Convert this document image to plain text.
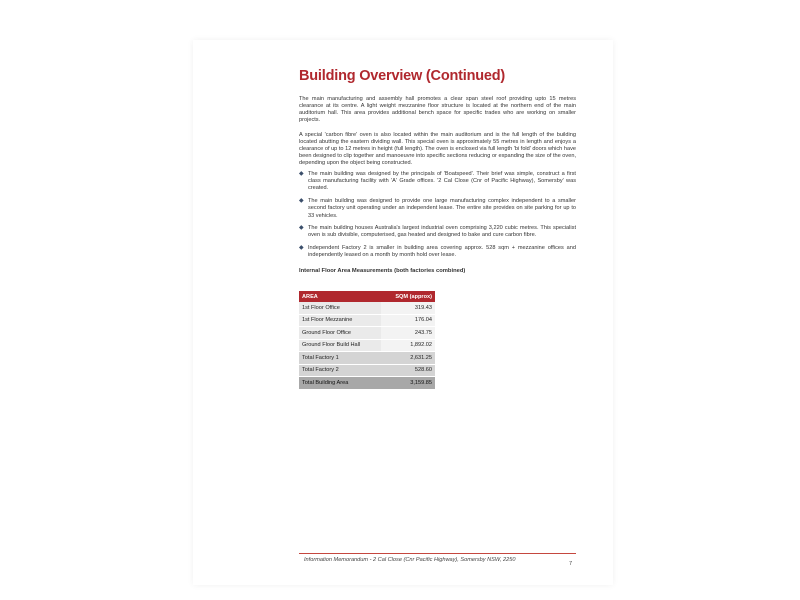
Building Overview (Continued)

The main manufacturing and assembly hall promotes a clear span steel roof providing upto 15 metres clearance at its centre. A light weight mezzanine floor structure is located at the northern end of the main auditorium hall. This area provides additional bench space for specific trades who are working on smaller projects.

A special 'carbon fibre' oven is also located within the main auditorium and is the full length of the building located abutting the eastern dividing wall. This special oven is approximately 55 metres in length and enjoys a clearance of up to 12 metres in height (full length). The oven is enclosed via full length 'bi fold' doors which have been designed to clip together and manoeuvre into specific sections reducing or expanding the size of the oven, depending upon the object being constructed.

◆ The main building was designed by the principals of 'Boatspeed'. Their brief was simple, construct a first class manufacturing facility with 'A' Grade offices. '2 Cal Close (Cnr of Pacific Highway), Somersby' was created.
◆ The main building was designed to provide one large manufacturing complex independent to a smaller second factory unit operating under an independent lease. The entire site provides on site parking for up to 33 vehicles.
◆ The main building houses Australia's largest industrial oven comprising 3,220 cubic metres. This specialist oven is sub divisible, computerised, gas heated and designed to bake and cure carbon fibre.
◆ Independent Factory 2 is smaller in building area covering approx. 528 sqm + mezzanine offices and independently leased on a month by month hold over lease.
Internal Floor Area Measurements (both factories combined)
AREA	SQM (approx)
1st Floor Office	319.43
1st Floor Mezzanine	176.04
Ground Floor Office	243.75
Ground Floor Build Hall	1,892.02
Total Factory 1	2,631.25
Total Factory 2	528.60
Total Building Area	3,159.85
Information Memorandum - 2 Cal Close (Cnr Pacific Highway), Somersby NSW, 2250
7
